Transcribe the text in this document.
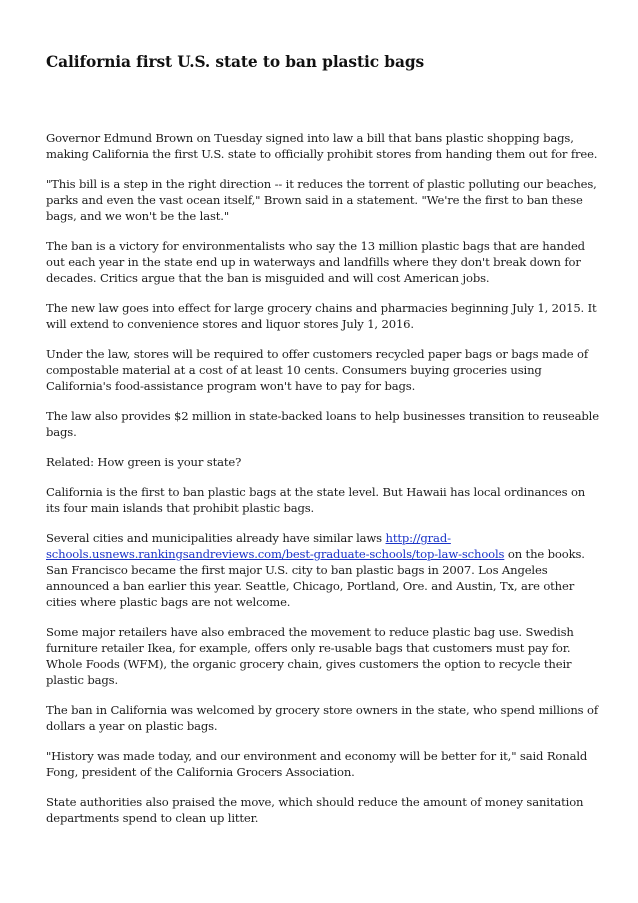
California first U.S. state to ban plastic bags

Governor Edmund Brown on Tuesday signed into law a bill that bans plastic shopping bags, making California the first U.S. state to officially prohibit stores from handing them out for free.

"This bill is a step in the right direction -- it reduces the torrent of plastic polluting our beaches, parks and even the vast ocean itself," Brown said in a statement. "We're the first to ban these bags, and we won't be the last."

The ban is a victory for environmentalists who say the 13 million plastic bags that are handed out each year in the state end up in waterways and landfills where they don't break down for decades. Critics argue that the ban is misguided and will cost American jobs.

The new law goes into effect for large grocery chains and pharmacies beginning July 1, 2015. It will extend to convenience stores and liquor stores July 1, 2016.

Under the law, stores will be required to offer customers recycled paper bags or bags made of compostable material at a cost of at least 10 cents. Consumers buying groceries using California's food-assistance program won't have to pay for bags.

The law also provides $2 million in state-backed loans to help businesses transition to reuseable bags.

Related: How green is your state?

California is the first to ban plastic bags at the state level. But Hawaii has local ordinances on its four main islands that prohibit plastic bags.

Several cities and municipalities already have similar laws http://grad-schools.usnews.rankingsandreviews.com/best-graduate-schools/top-law-schools on the books. San Francisco became the first major U.S. city to ban plastic bags in 2007. Los Angeles announced a ban earlier this year. Seattle, Chicago, Portland, Ore. and Austin, Tx, are other cities where plastic bags are not welcome.

Some major retailers have also embraced the movement to reduce plastic bag use. Swedish furniture retailer Ikea, for example, offers only re-usable bags that customers must pay for. Whole Foods (WFM), the organic grocery chain, gives customers the option to recycle their plastic bags.

The ban in California was welcomed by grocery store owners in the state, who spend millions of dollars a year on plastic bags.

"History was made today, and our environment and economy will be better for it," said Ronald Fong, president of the California Grocers Association.

State authorities also praised the move, which should reduce the amount of money sanitation departments spend to clean up litter.
